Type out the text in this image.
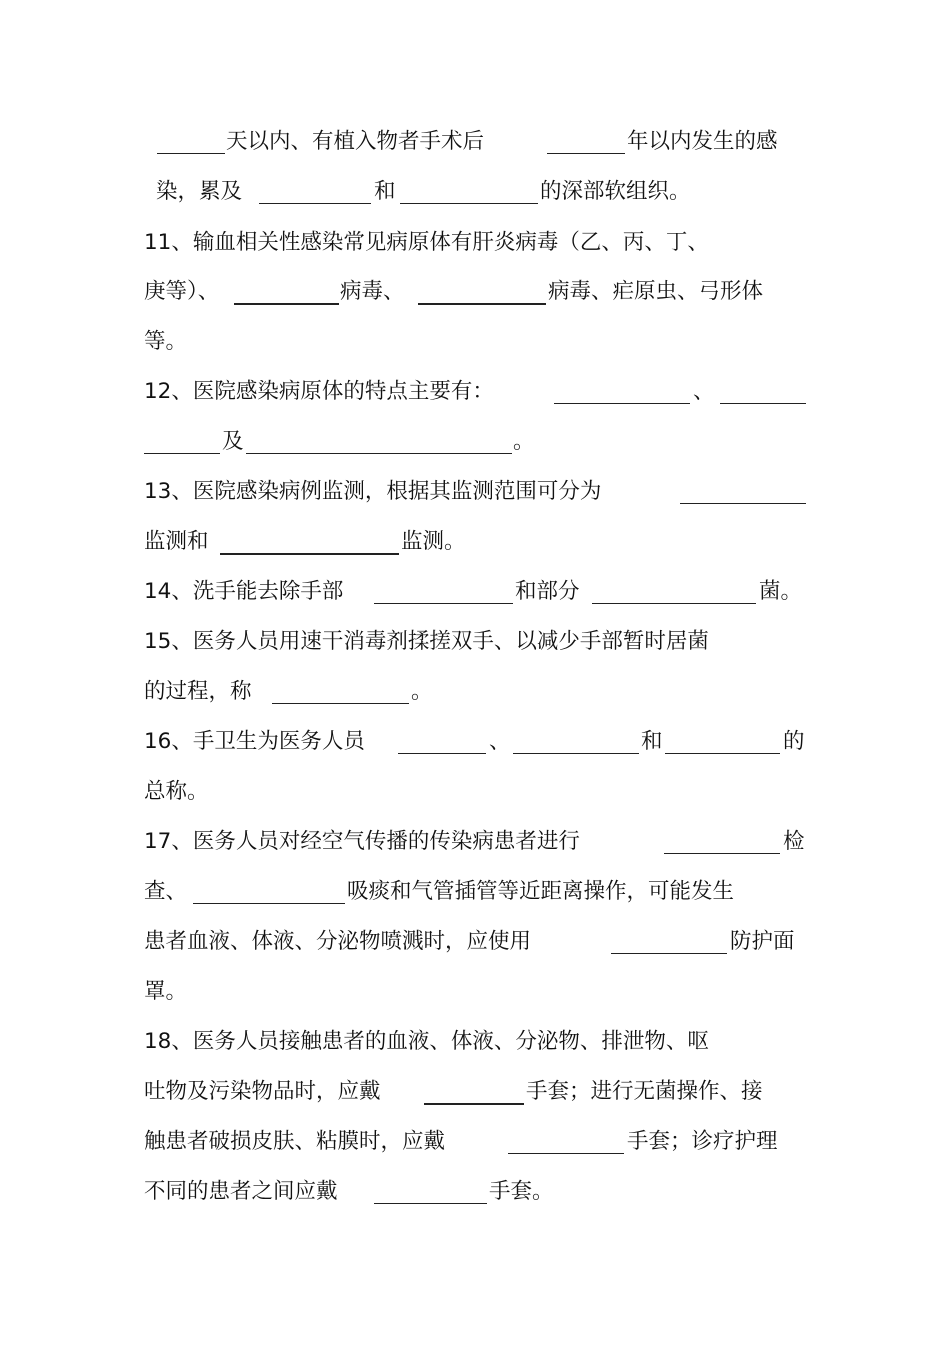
天以内、有植入物者手术后	年以内发生的感
染，累及	和	的深部软组织。
11、输血相关性感染常见病原体有肝炎病毒（乙、丙、丁、
庚等）、	病毒、	病毒、疟原虫、弓形体
等。
12、医院感染病原体的特点主要有：	、
及	。
13、医院感染病例监测，根据其监测范围可分为
监测和	监测。
14、洗手能去除手部	和部分	菌。
15、医务人员用速干消毒剂揉搓双手、以减少手部暂时居菌
的过程，称	。
16、手卫生为医务人员	、	和	的
总称。
17、医务人员对经空气传播的传染病患者进行	检
查、	吸痰和气管插管等近距离操作，可能发生
患者血液、体液、分泌物喷溅时，应使用	防护面
罩。
18、医务人员接触患者的血液、体液、分泌物、排泄物、呕
吐物及污染物品时，应戴	手套；进行无菌操作、接
触患者破损皮肤、粘膜时，应戴	手套；诊疗护理
不同的患者之间应戴	手套。
